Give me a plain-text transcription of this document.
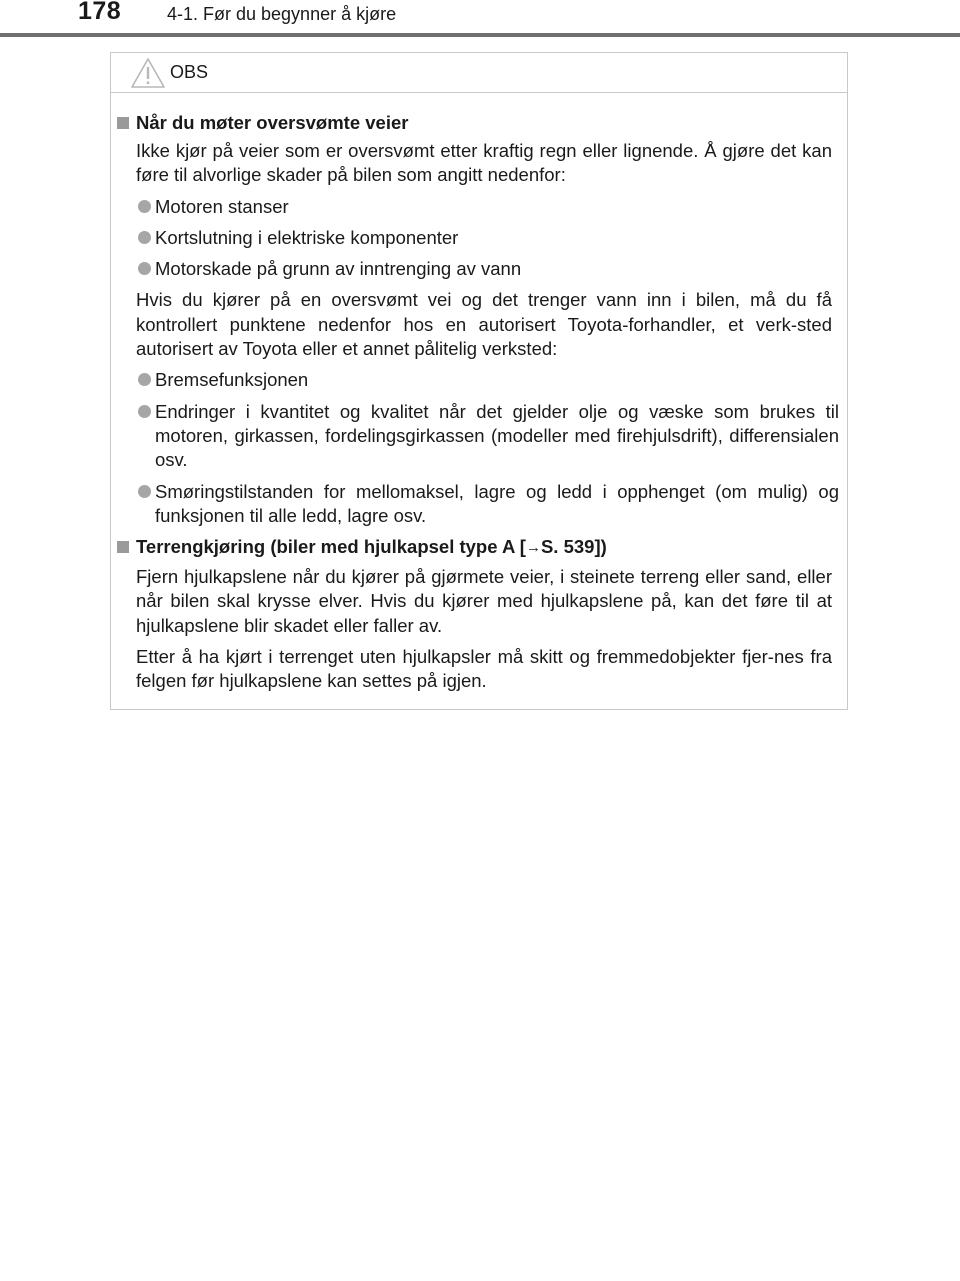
178	4-1. Før du begynner å kjøre
OBS
Når du møter oversvømte veier
Ikke kjør på veier som er oversvømt etter kraftig regn eller lignende. Å gjøre det kan føre til alvorlige skader på bilen som angitt nedenfor:
Motoren stanser
Kortslutning i elektriske komponenter
Motorskade på grunn av inntrenging av vann
Hvis du kjører på en oversvømt vei og det trenger vann inn i bilen, må du få kontrollert punktene nedenfor hos en autorisert Toyota-forhandler, et verk-sted autorisert av Toyota eller et annet pålitelig verksted:
Bremsefunksjonen
Endringer i kvantitet og kvalitet når det gjelder olje og væske som brukes til motoren, girkassen, fordelingsgirkassen (modeller med firehjulsdrift), differensialen osv.
Smøringstilstanden for mellomaksel, lagre og ledd i opphenget (om mulig) og funksjonen til alle ledd, lagre osv.
Terrengkjøring (biler med hjulkapsel type A [→S. 539])
Fjern hjulkapslene når du kjører på gjørmete veier, i steinete terreng eller sand, eller når bilen skal krysse elver. Hvis du kjører med hjulkapslene på, kan det føre til at hjulkapslene blir skadet eller faller av.
Etter å ha kjørt i terrenget uten hjulkapsler må skitt og fremmedobjekter fjer-nes fra felgen før hjulkapslene kan settes på igjen.
